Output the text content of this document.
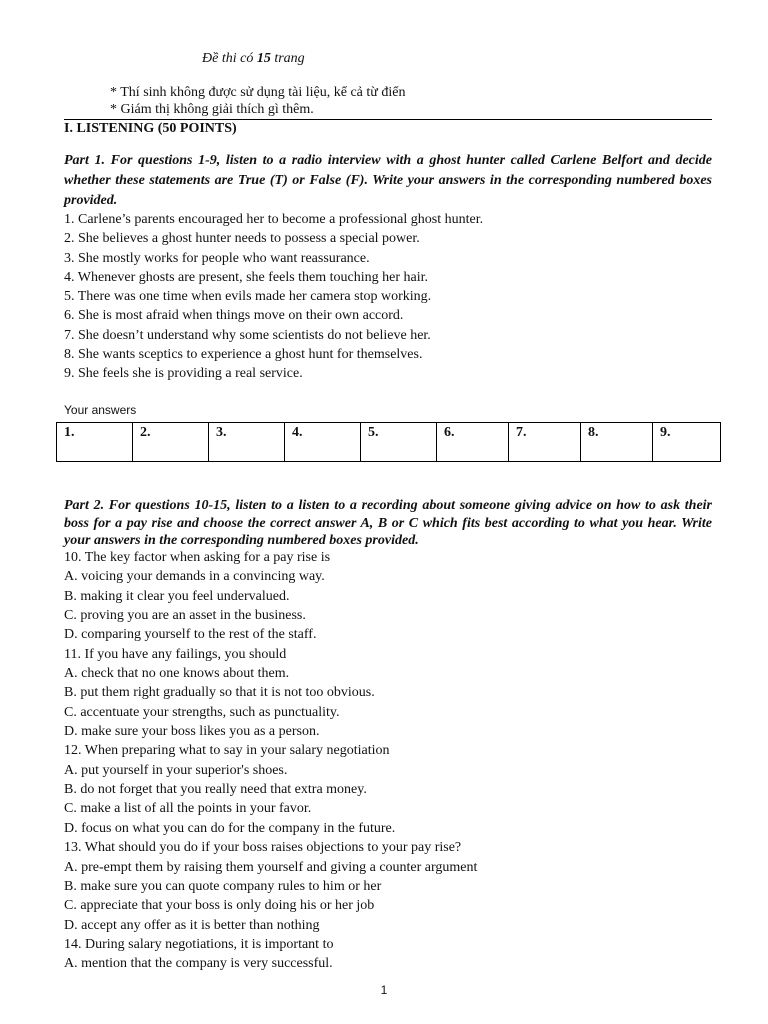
Đề thi có 15 trang
* Thí sinh không được sử dụng tài liệu, kể cả từ điển
* Giám thị không giải thích gì thêm.
I. LISTENING (50 POINTS)
Part 1. For questions 1-9, listen to a radio interview with a ghost hunter called Carlene Belfort and decide whether these statements are True (T) or False (F). Write your answers in the corresponding numbered boxes provided.
1. Carlene’s parents encouraged her to become a professional ghost hunter.
2. She believes a ghost hunter needs to possess a special power.
3. She mostly works for people who want reassurance.
4. Whenever ghosts are present, she feels them touching her hair.
5. There was one time when evils made her camera stop working.
6. She is most afraid when things move on their own accord.
7. She doesn’t understand why some scientists do not believe her.
8. She wants sceptics to experience a ghost hunt for themselves.
9. She feels she is providing a real service.
Your answers
1.	2.	3.	4.	5.	6.	7.	8.	9.
Part 2. For questions 10-15, listen to a listen to a recording about someone giving advice on how to ask their boss for a pay rise and choose the correct answer A, B or C which fits best according to what you hear. Write your answers in the corresponding numbered boxes provided.
10. The key factor when asking for a pay rise is
A. voicing your demands in a convincing way.
B. making it clear you feel undervalued.
C. proving you are an asset in the business.
D. comparing yourself to the rest of the staff.
11. If you have any failings, you should
A. check that no one knows about them.
B. put them right gradually so that it is not too obvious.
C. accentuate your strengths, such as punctuality.
D. make sure your boss likes you as a person.
12. When preparing what to say in your salary negotiation
A. put yourself in your superior's shoes.
B. do not forget that you really need that extra money.
C. make a list of all the points in your favor.
D. focus on what you can do for the company in the future.
13. What should you do if your boss raises objections to your pay rise?
A. pre-empt them by raising them yourself and giving a counter argument
B. make sure you can quote company rules to him or her
C. appreciate that your boss is only doing his or her job
D. accept any offer as it is better than nothing
14. During salary negotiations, it is important to
A. mention that the company is very successful.
1
